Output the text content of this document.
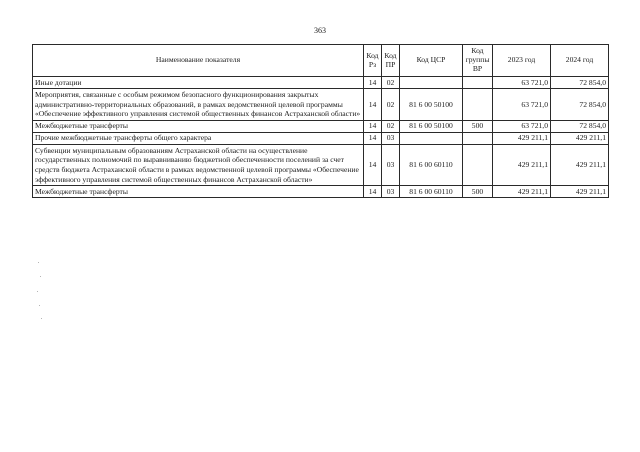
363
Наименование показателя	Код Рз	Код ПР	Код ЦСР	Код группы ВР	2023 год	2024 год
Иные дотации	14	02			63 721,0	72 854,0
Мероприятия, связанные с особым режимом безопасного функционирования закрытых административно-территориальных образований, в рамках ведомственной целевой программы «Обеспечение эффективного управления системой общественных финансов Астраханской области»	14	02	81 6 00 50100		63 721,0	72 854,0
Межбюджетные трансферты	14	02	81 6 00 50100	500	63 721,0	72 854,0
Прочие межбюджетные трансферты общего характера	14	03			429 211,1	429 211,1
Субвенции муниципальным образованиям Астраханской области на осуществление государственных полномочий по выравниванию бюджетной обеспеченности поселений за счет средств бюджета Астраханской области в рамках ведомственной целевой программы «Обеспечение эффективного управления системой общественных финансов Астраханской области»	14	03	81 6 00 60110		429 211,1	429 211,1
Межбюджетные трансферты	14	03	81 6 00 60110	500	429 211,1	429 211,1
